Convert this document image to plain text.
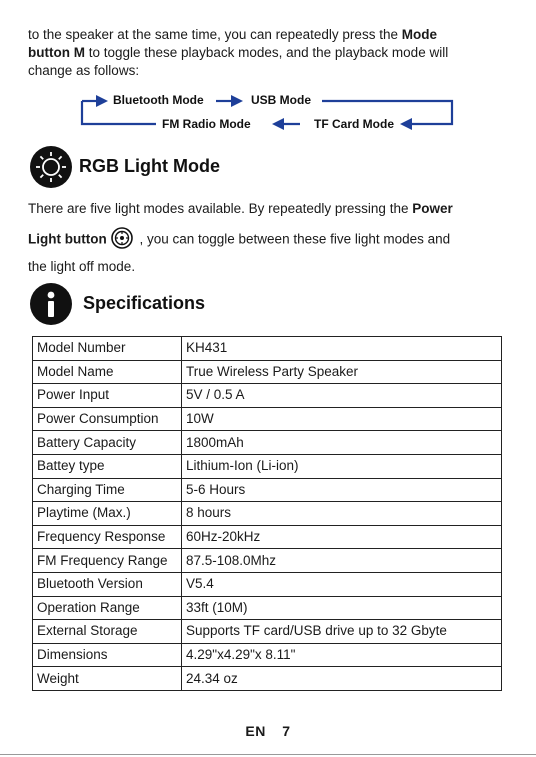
to the speaker at the same time, you can repeatedly press the Mode
button M to toggle these playback modes, and the playback mode will
change as follows:
Bluetooth Mode	USB Mode
FM Radio Mode	TF Card Mode
RGB Light Mode
There are five light modes available. By repeatedly pressing the Power
Light button , you can toggle between these five light modes and
the light off mode.
Specifications
Model Number	KH431
Model Name	True Wireless Party Speaker
Power Input	5V / 0.5 A
Power Consumption	10W
Battery Capacity	1800mAh
Battey type	Lithium-Ion (Li-ion)
Charging Time	5-6 Hours
Playtime (Max.)	8 hours
Frequency Response	60Hz-20kHz
FM Frequency Range	87.5-108.0Mhz
Bluetooth Version	V5.4
Operation Range	33ft (10M)
External Storage	Supports TF card/USB drive up to 32 Gbyte
Dimensions	4.29"x4.29"x 8.11"
Weight	24.34 oz
EN 7
